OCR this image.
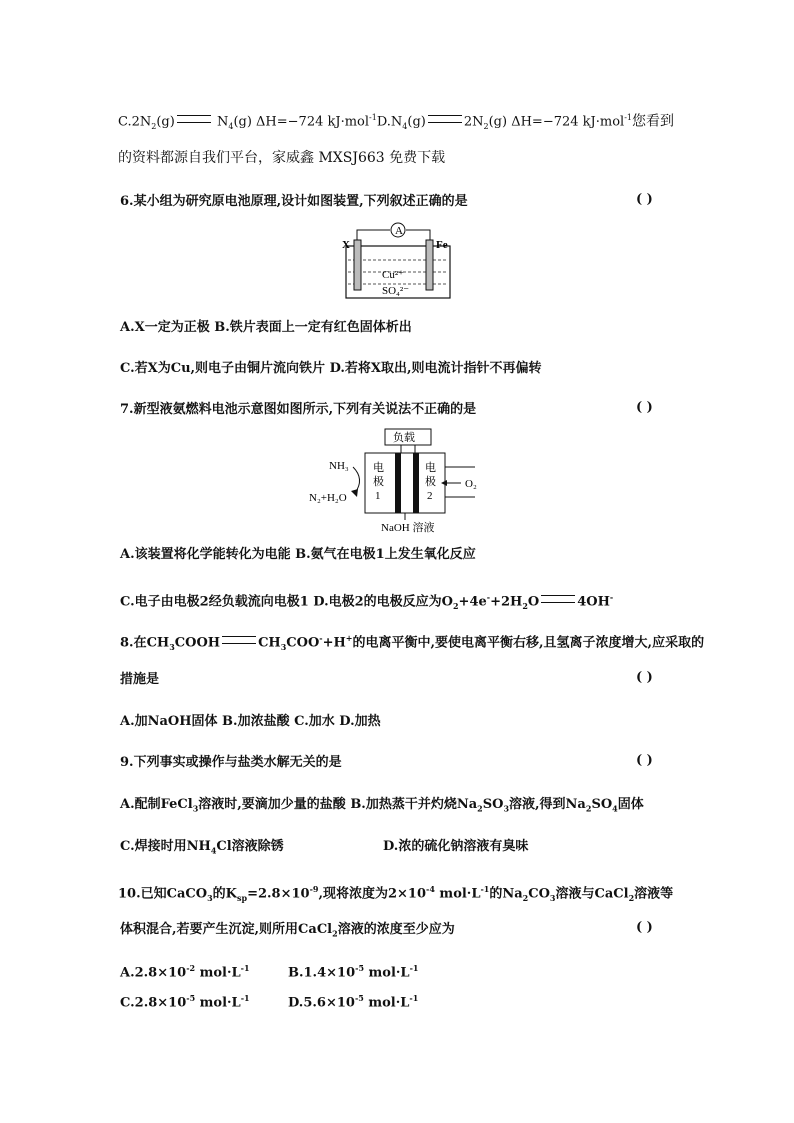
$C.2N_2(g)$	$N_4(g)$ ΔH=−724 $kJ\cdot mol^{-1}D.N_4(g)$	$2N_2(g)$ ΔH=−724 kJ·mol$^{-1}$您看到
的资料都源自我们平台，家威鑫 MXSJ663 免费下载
6.某小组为研究原电池原理,设计如图装置,下列叙述正确的是	( )
A
X	Fe
Cu²⁺
SO₄²⁻
A.X一定为正极 B.铁片表面上一定有红色固体析出
C.若X为Cu,则电子由铜片流向铁片 D.若将X取出,则电流计指针不再偏转
7.新型液氨燃料电池示意图如图所示,下列有关说法不正确的是	( )
负载
电
极
1
电
极
2
NH₃
N₂+H₂O
O₂
NaOH 溶液
A.该装置将化学能转化为电能 B.氨气在电极1上发生氧化反应
C.电子由电极2经负载流向电极1 D.电极2的电极反应为$O_2+4e^-+2H_2O$	4OH-
8.在$CH_3COOH$	$CH_3COO^-+H^+$的电离平衡中,要使电离平衡右移,且氢离子浓度增大,应采取的
措施是	( )
A.加NaOH固体 B.加浓盐酸 C.加水 D.加热
9.下列事实或操作与盐类水解无关的是	( )
A.配制FeCl$_3$溶液时,要滴加少量的盐酸 B.加热蒸干并灼烧$Na_2SO_3$溶液,得到$Na_2SO_4$固体
C.焊接时用$NH_4Cl$溶液除锈	D.浓的硫化钠溶液有臭味
10.已知CaCO$_3$的$K_{sp}=2.8\times 10^{-9}$,现将浓度为$2\times 10^{-4}$ $mol\cdot L^{-1}$的$Na_2CO_3$溶液与CaCl$_2$溶液等
体积混合,若要产生沉淀,则所用CaCl$_2$溶液的浓度至少应为	( )
$A.2.8\times 10^{-2}$ $mol\cdot L^{-1}$	$B.1.4\times 10^{-5}$ $mol\cdot L^{-1}$
$C.2.8\times 10^{-5}$ $mol\cdot L^{-1}$	$D.5.6\times 10^{-5}$ $mol\cdot L^{-1}$
